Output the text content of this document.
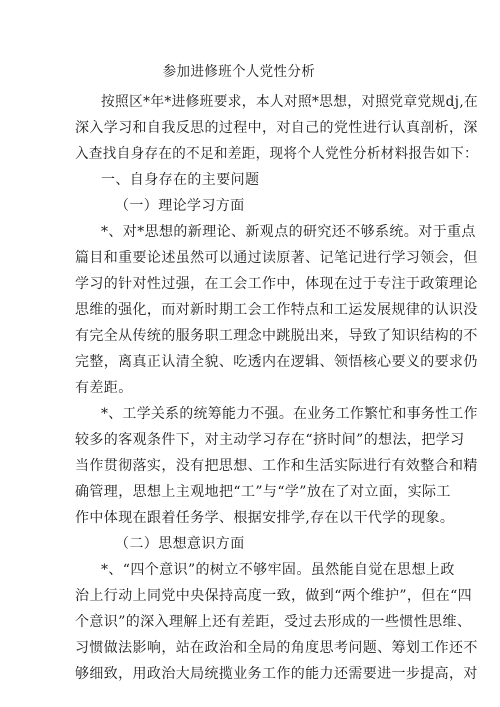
参加进修班个人党性分析
按照区*年*进修班要求，本人对照*思想，对照党章党规dj,在
深入学习和自我反思的过程中，对自己的党性进行认真剖析，深
入查找自身存在的不足和差距，现将个人党性分析材料报告如下：
一、自身存在的主要问题
（一）理论学习方面
*、对*思想的新理论、新观点的研究还不够系统。对于重点
篇目和重要论述虽然可以通过读原著、记笔记进行学习领会，但
学习的针对性过强，在工会工作中，体现在过于专注于政策理论
思维的强化，而对新时期工会工作特点和工运发展规律的认识没
有完全从传统的服务职工理念中跳脱出来，导致了知识结构的不
完整，离真正认清全貌、吃透内在逻辑、领悟核心要义的要求仍
有差距。
*、工学关系的统筹能力不强。在业务工作繁忙和事务性工作
较多的客观条件下，对主动学习存在“挤时间”的想法，把学习
当作贯彻落实，没有把思想、工作和生活实际进行有效整合和精
确管理，思想上主观地把“工”与“学”放在了对立面，实际工
作中体现在跟着任务学、根据安排学,存在以干代学的现象。
（二）思想意识方面
*、“四个意识”的树立不够牢固。虽然能自觉在思想上政
治上行动上同党中央保持高度一致，做到“两个维护”，但在“四
个意识”的深入理解上还有差距，受过去形成的一些惯性思维、
习惯做法影响，站在政治和全局的角度思考问题、筹划工作还不
够细致，用政治大局统揽业务工作的能力还需要进一步提高，对
